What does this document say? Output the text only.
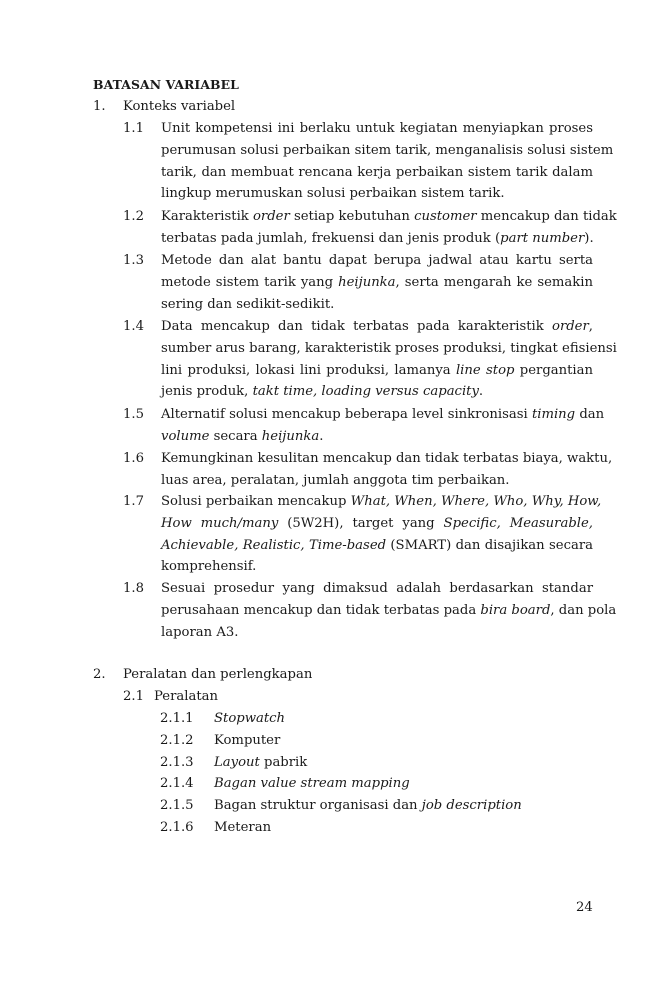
BATASAN VARIABEL
1. Konteks variabel
1.1 Unit kompetensi ini berlaku untuk kegiatan menyiapkan proses
perumusan solusi perbaikan sitem tarik, menganalisis solusi sistem
tarik, dan membuat rencana kerja perbaikan sistem tarik dalam
lingkup merumuskan solusi perbaikan sistem tarik.
1.2 Karakteristik order setiap kebutuhan customer mencakup dan tidak
terbatas pada jumlah, frekuensi dan jenis produk (part number).
1.3 Metode dan alat bantu dapat berupa jadwal atau kartu serta
metode sistem tarik yang heijunka, serta mengarah ke semakin
sering dan sedikit-sedikit.
1.4 Data mencakup dan tidak terbatas pada karakteristik order,
sumber arus barang, karakteristik proses produksi, tingkat efisiensi
lini produksi, lokasi lini produksi, lamanya line stop pergantian
jenis produk, takt time, loading versus capacity.
1.5 Alternatif solusi mencakup beberapa level sinkronisasi timing dan
volume secara heijunka.
1.6 Kemungkinan kesulitan mencakup dan tidak terbatas biaya, waktu,
luas area, peralatan, jumlah anggota tim perbaikan.
1.7 Solusi perbaikan mencakup What, When, Where, Who, Why, How,
How much/many (5W2H), target yang Specific, Measurable,
Achievable, Realistic, Time-based (SMART) dan disajikan secara
komprehensif.
1.8 Sesuai prosedur yang dimaksud adalah berdasarkan standar
perusahaan mencakup dan tidak terbatas pada bira board, dan pola
laporan A3.
2. Peralatan dan perlengkapan
2.1 Peralatan
2.1.1 Stopwatch
2.1.2 Komputer
2.1.3 Layout pabrik
2.1.4 Bagan value stream mapping
2.1.5 Bagan struktur organisasi dan job description
2.1.6 Meteran
24
